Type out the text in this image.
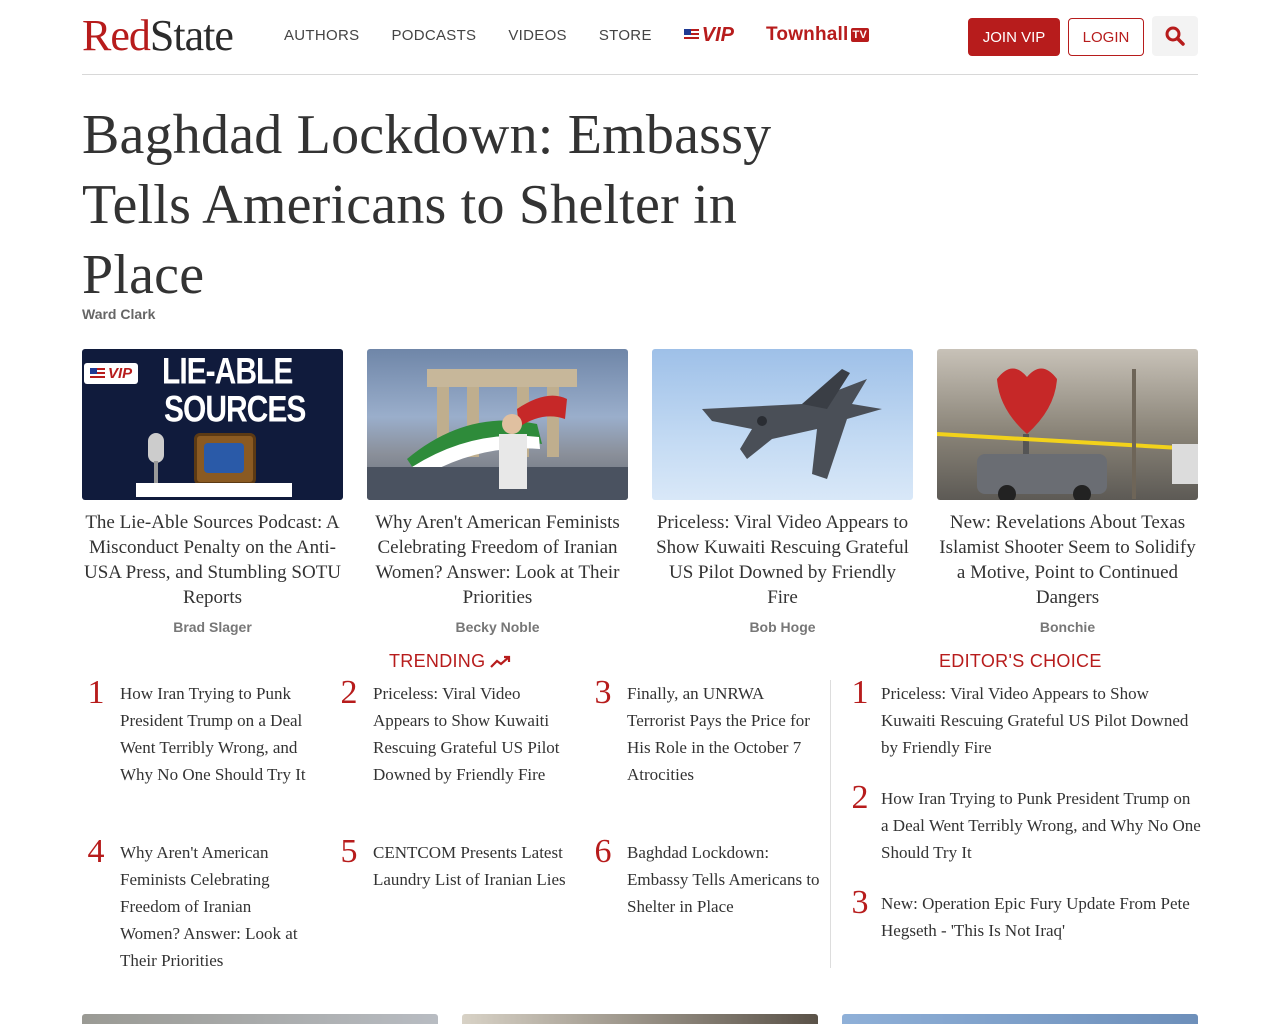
RedState	AUTHORS PODCASTS VIDEOS STORE	VIP Townhall TV	JOIN VIP	LOGIN
Baghdad Lockdown: Embassy Tells Americans to Shelter in Place
Ward Clark
LIE-ABLE
SOURCES
VIP
The Lie-Able Sources Podcast: A Misconduct Penalty on the Anti-USA Press, and Stumbling SOTU Reports
Brad Slager
Why Aren't American Feminists Celebrating Freedom of Iranian Women? Answer: Look at Their Priorities
Becky Noble
Priceless: Viral Video Appears to Show Kuwaiti Rescuing Grateful US Pilot Downed by Friendly Fire
Bob Hoge
New: Revelations About Texas Islamist Shooter Seem to Solidify a Motive, Point to Continued Dangers
Bonchie
TRENDING
1 How Iran Trying to Punk President Trump on a Deal Went Terribly Wrong, and Why No One Should Try It
2 Priceless: Viral Video Appears to Show Kuwaiti Rescuing Grateful US Pilot Downed by Friendly Fire
3 Finally, an UNRWA Terrorist Pays the Price for His Role in the October 7 Atrocities
4 Why Aren't American Feminists Celebrating Freedom of Iranian Women? Answer: Look at Their Priorities
5 CENTCOM Presents Latest Laundry List of Iranian Lies
6 Baghdad Lockdown: Embassy Tells Americans to Shelter in Place
EDITOR'S CHOICE
1 Priceless: Viral Video Appears to Show Kuwaiti Rescuing Grateful US Pilot Downed by Friendly Fire
2 How Iran Trying to Punk President Trump on a Deal Went Terribly Wrong, and Why No One Should Try It
3 New: Operation Epic Fury Update From Pete Hegseth - 'This Is Not Iraq'
